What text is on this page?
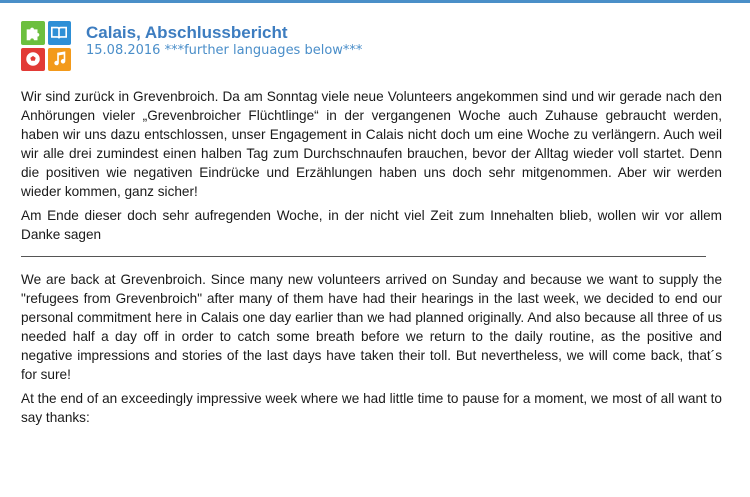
Calais, Abschlussbericht
15.08.2016 ***further languages below***

Wir sind zurück in Grevenbroich. Da am Sonntag viele neue Volunteers angekommen sind und wir gerade nach den Anhörungen vieler „Grevenbroicher Flüchtlinge“ in der vergangenen Woche auch Zuhause gebraucht werden, haben wir uns dazu entschlossen, unser Engagement in Calais nicht doch um eine Woche zu verlängern. Auch weil wir alle drei zumindest einen halben Tag zum Durchschnaufen brauchen, bevor der Alltag wieder voll startet. Denn die positiven wie negativen Eindrücke und Erzählungen haben uns doch sehr mitgenommen. Aber wir werden wieder kommen, ganz sicher!

Am Ende dieser doch sehr aufregenden Woche, in der nicht viel Zeit zum Innehalten blieb, wollen wir vor allem Danke sagen

We are back at Grevenbroich. Since many new volunteers arrived on Sunday and because we want to supply the "refugees from Grevenbroich" after many of them have had their hearings in the last week, we decided to end our personal commitment here in Calais one day earlier than we had planned originally. And also because all three of us needed half a day off in order to catch some breath before we return to the daily routine, as the positive and negative impressions and stories of the last days have taken their toll. But nevertheless, we will come back, that´s for sure!

At the end of an exceedingly impressive week where we had little time to pause for a moment, we most of all want to say thanks:
